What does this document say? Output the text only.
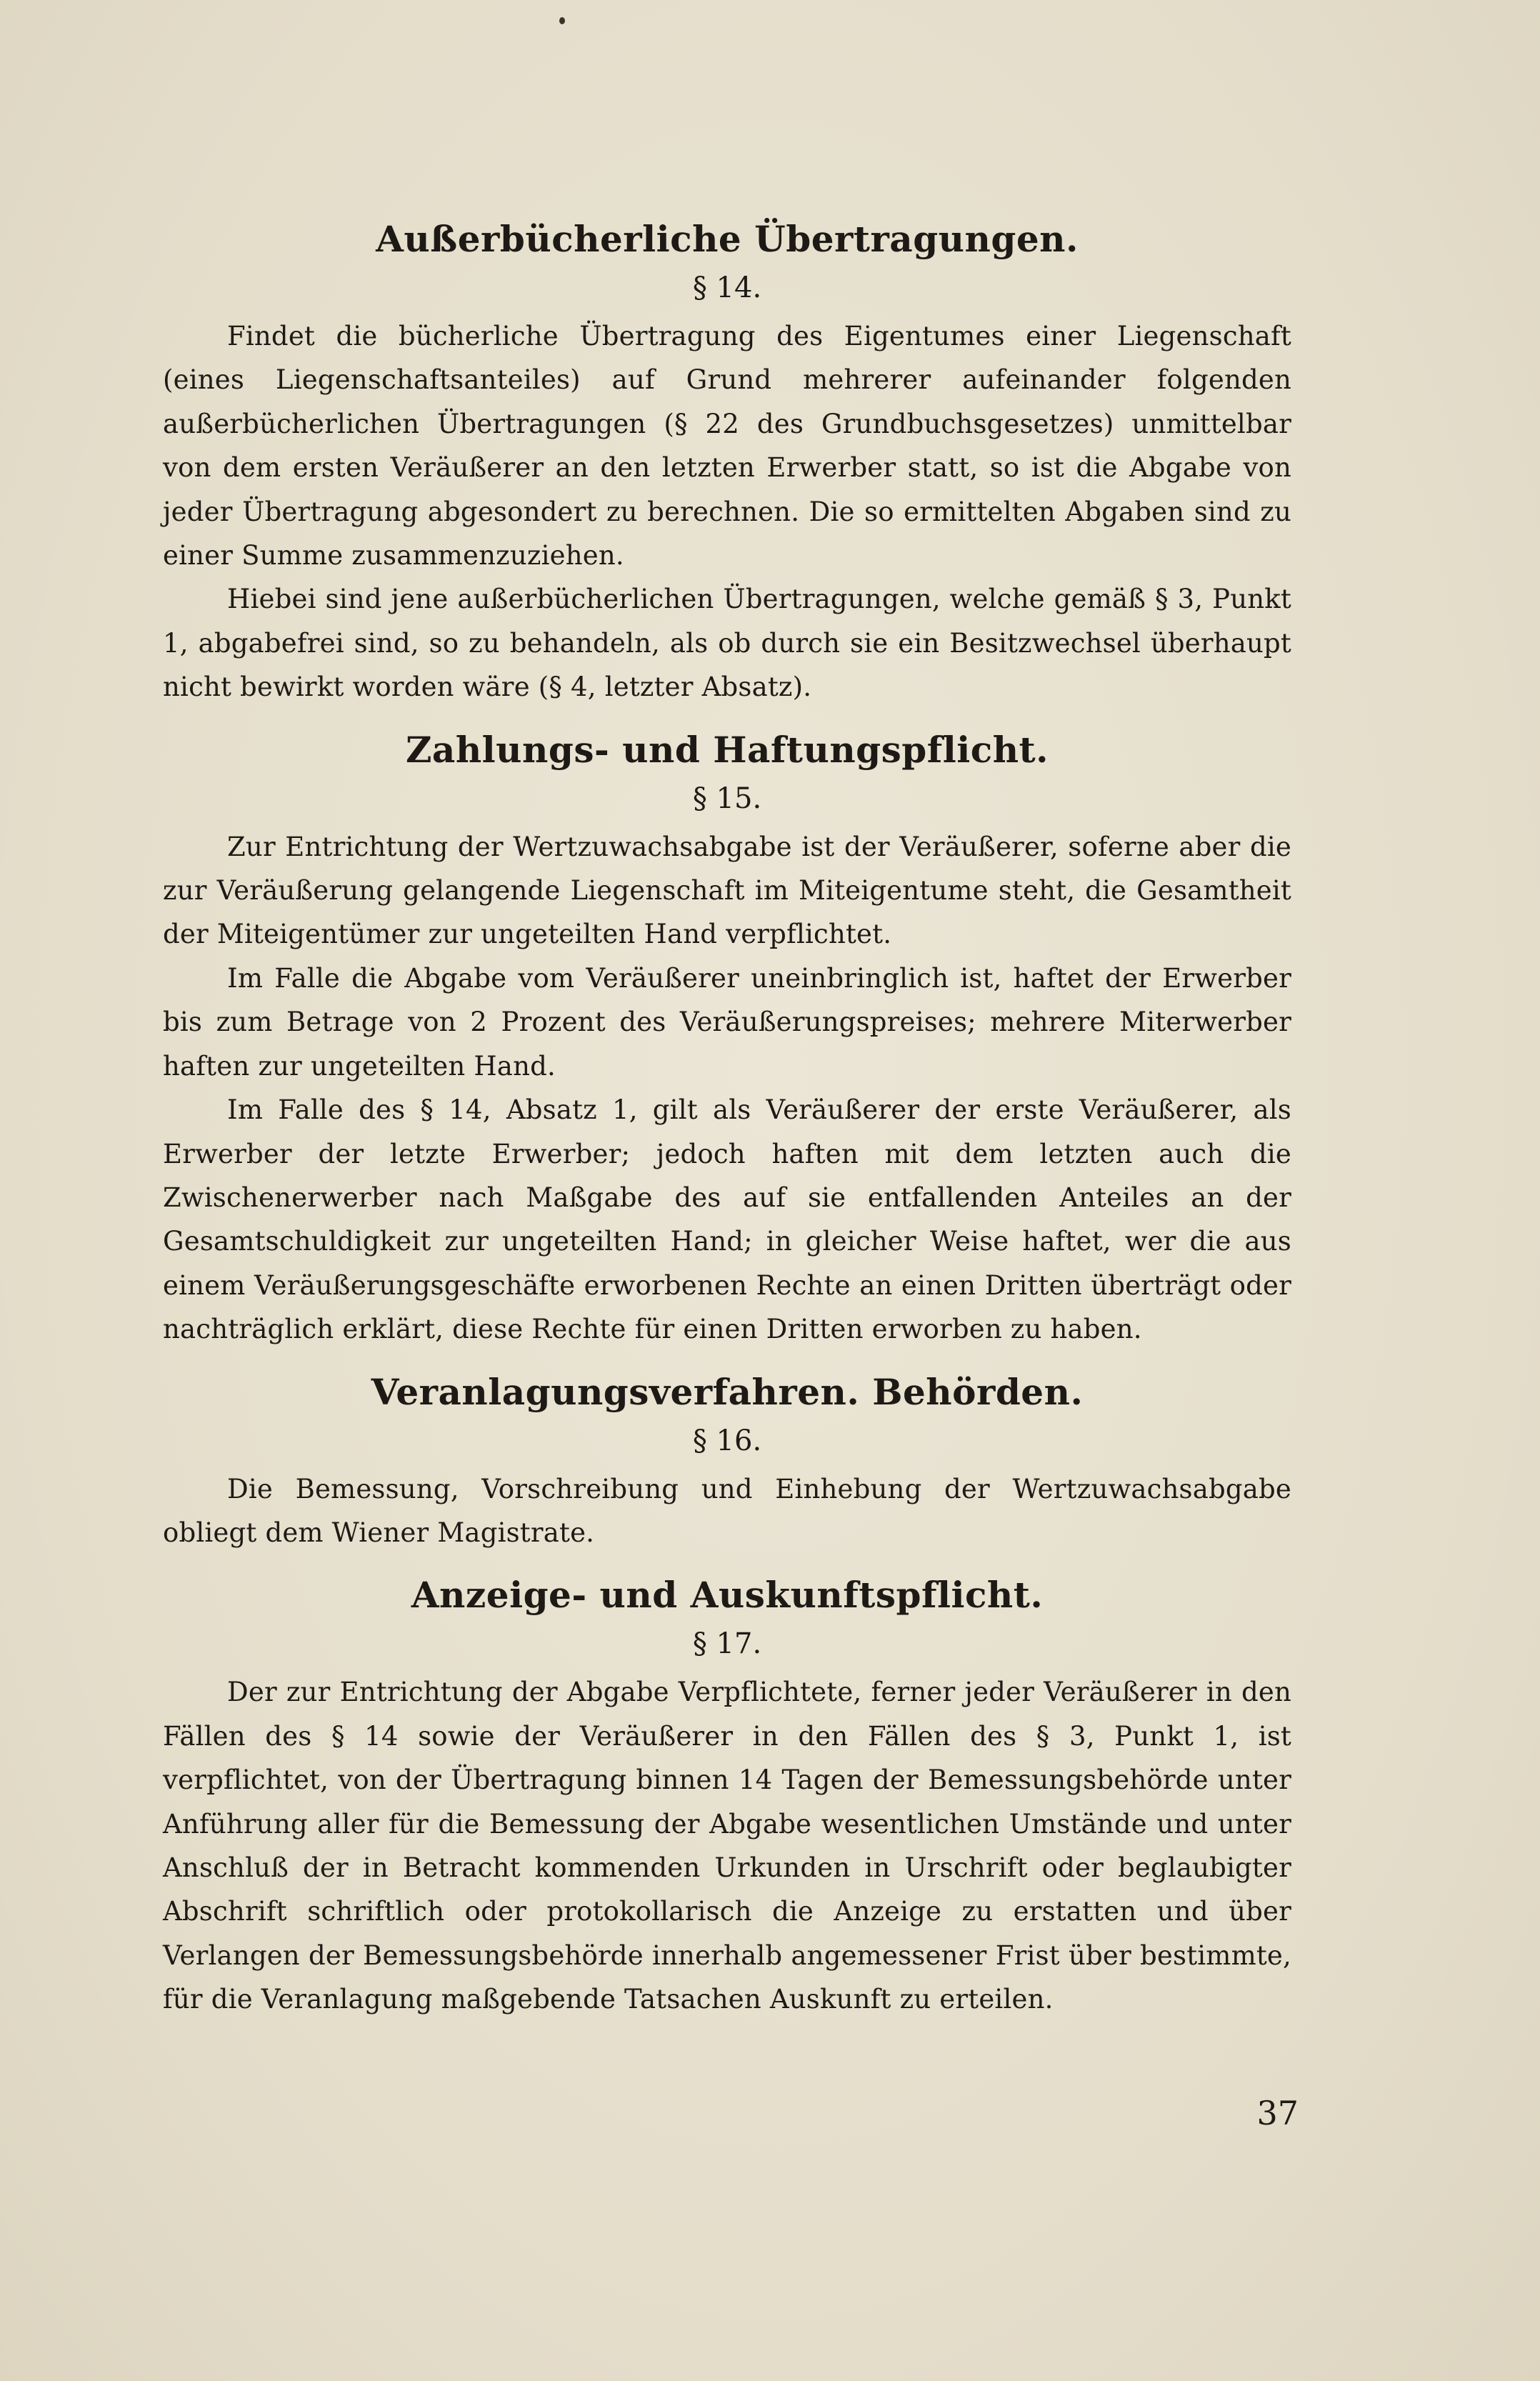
Außerbücherliche Übertragungen.
§ 14.

Findet die bücherliche Übertragung des Eigentumes einer Liegenschaft (eines Liegenschaftsanteiles) auf Grund mehrerer aufeinander folgenden außerbücherlichen Übertragungen (§ 22 des Grundbuchsgesetzes) unmittelbar von dem ersten Veräußerer an den letzten Erwerber statt, so ist die Abgabe von jeder Übertragung abgesondert zu berechnen. Die so ermittelten Abgaben sind zu einer Summe zusammenzuziehen.

Hiebei sind jene außerbücherlichen Übertragungen, welche gemäß § 3, Punkt 1, abgabefrei sind, so zu behandeln, als ob durch sie ein Besitzwechsel überhaupt nicht bewirkt worden wäre (§ 4, letzter Absatz).

Zahlungs- und Haftungspflicht.
§ 15.

Zur Entrichtung der Wertzuwachsabgabe ist der Veräußerer, soferne aber die zur Veräußerung gelangende Liegenschaft im Miteigentume steht, die Gesamtheit der Miteigentümer zur ungeteilten Hand verpflichtet.

Im Falle die Abgabe vom Veräußerer uneinbringlich ist, haftet der Erwerber bis zum Betrage von 2 Prozent des Veräußerungspreises; mehrere Miterwerber haften zur ungeteilten Hand.

Im Falle des § 14, Absatz 1, gilt als Veräußerer der erste Veräußerer, als Erwerber der letzte Erwerber; jedoch haften mit dem letzten auch die Zwischenerwerber nach Maßgabe des auf sie entfallenden Anteiles an der Gesamtschuldigkeit zur ungeteilten Hand; in gleicher Weise haftet, wer die aus einem Veräußerungsgeschäfte erworbenen Rechte an einen Dritten überträgt oder nachträglich erklärt, diese Rechte für einen Dritten erworben zu haben.

Veranlagungsverfahren. Behörden.
§ 16.

Die Bemessung, Vorschreibung und Einhebung der Wertzuwachsabgabe obliegt dem Wiener Magistrate.

Anzeige- und Auskunftspflicht.
§ 17.

Der zur Entrichtung der Abgabe Verpflichtete, ferner jeder Veräußerer in den Fällen des § 14 sowie der Veräußerer in den Fällen des § 3, Punkt 1, ist verpflichtet, von der Übertragung binnen 14 Tagen der Bemessungsbehörde unter Anführung aller für die Bemessung der Abgabe wesentlichen Umstände und unter Anschluß der in Betracht kommenden Urkunden in Urschrift oder beglaubigter Abschrift schriftlich oder protokollarisch die Anzeige zu erstatten und über Verlangen der Bemessungsbehörde innerhalb angemessener Frist über bestimmte, für die Veranlagung maßgebende Tatsachen Auskunft zu erteilen.

37
